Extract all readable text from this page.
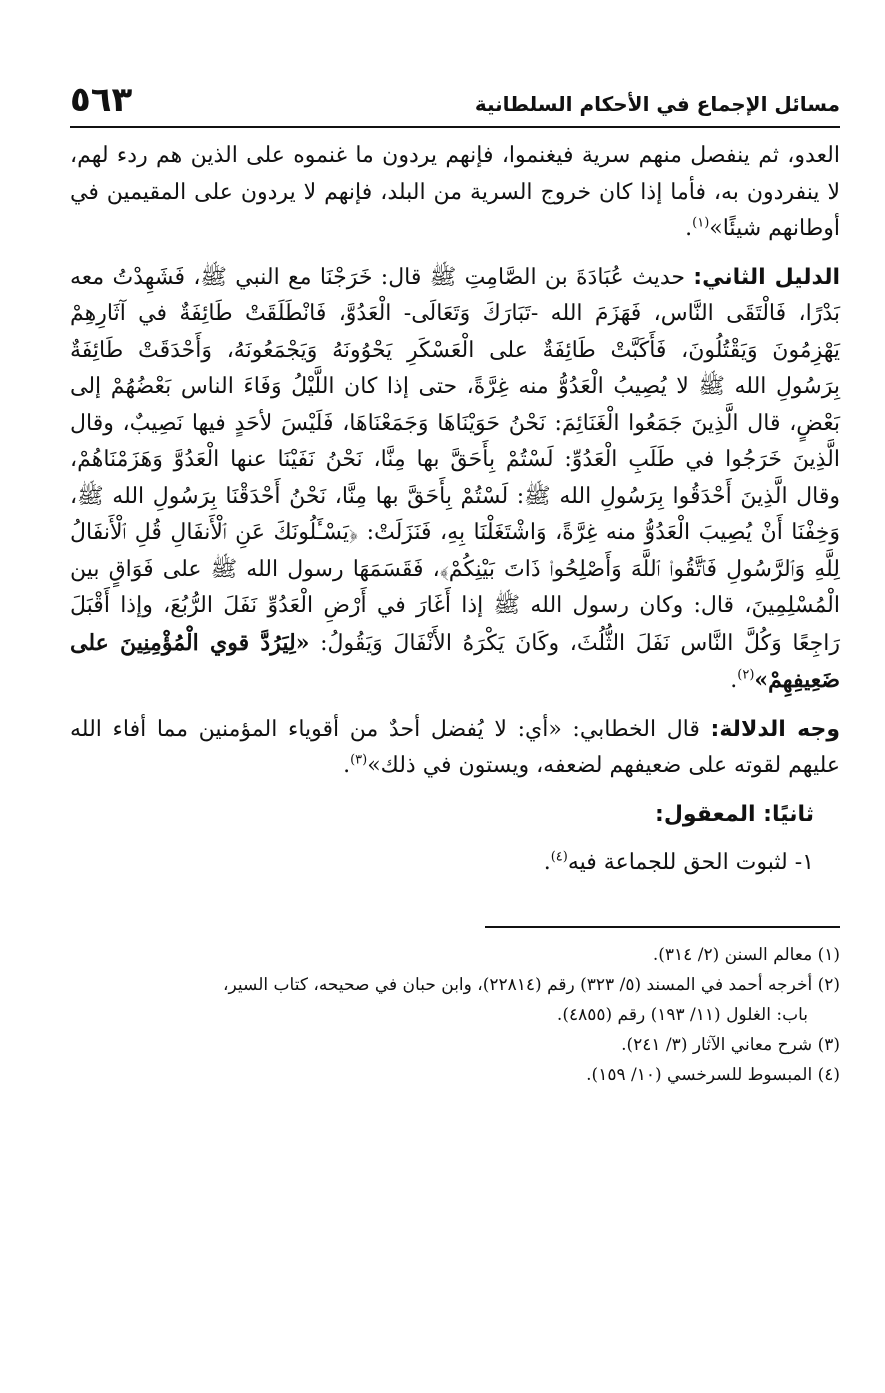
مسائل الإجماع في الأحكام السلطانية
٥٦٣

العدو، ثم ينفصل منهم سرية فيغنموا، فإنهم يردون ما غنموه على الذين هم ردء لهم، لا ينفردون به، فأما إذا كان خروج السرية من البلد، فإنهم لا يردون على المقيمين في أوطانهم شيئًا»$^{(١)}$.

الدليل الثاني: حديث عُبَادَةَ بن الصَّامِتِ ﷺ قال: خَرَجْنَا مع النبي ﷺ، فَشَهِدْتُ معه بَدْرًا، فَالْتَقَى النَّاس، فَهَزَمَ الله -تَبَارَكَ وَتَعَالَى- الْعَدُوَّ، فَانْطَلَقَتْ طَائِفَةٌ في آثَارِهِمْ يَهْزِمُونَ وَيَقْتُلُونَ، فَأَكَبَّتْ طَائِفَةٌ على الْعَسْكَرِ يَحْوُونَهُ وَيَجْمَعُونَهُ، وَأَحْدَقَتْ طَائِفَةٌ بِرَسُولِ الله ﷺ لا يُصِيبُ الْعَدُوُّ منه غِرَّةً، حتى إذا كان اللَّيْلُ وَفَاءَ الناس بَعْضُهُمْ إلى بَعْضٍ، قال الَّذِينَ جَمَعُوا الْغَنَائِمَ: نَحْنُ حَوَيْنَاهَا وَجَمَعْنَاهَا، فَلَيْسَ لأحَدٍ فيها نَصِيبٌ، وقال الَّذِينَ خَرَجُوا في طَلَبِ الْعَدُوِّ: لَسْتُمْ بِأَحَقَّ بها مِنَّا، نَحْنُ نَفَيْنَا عنها الْعَدُوَّ وَهَزَمْنَاهُمْ، وقال الَّذِينَ أَحْدَقُوا بِرَسُولِ الله ﷺ: لَسْتُمْ بِأَحَقَّ بها مِنَّا، نَحْنُ أَحْدَقْنَا بِرَسُولِ الله ﷺ، وَخِفْنَا أَنْ يُصِيبَ الْعَدُوُّ منه غِرَّةً، وَاشْتَغَلْنَا بِهِ، فَنَزَلَتْ: ﴿يَسْـَٔلُونَكَ عَنِ ٱلْأَنفَالِ قُلِ ٱلْأَنفَالُ لِلَّهِ وَٱلرَّسُولِ فَٱتَّقُوا۟ ٱللَّهَ وَأَصْلِحُوا۟ ذَاتَ بَيْنِكُمْ﴾، فَقَسَمَهَا رسول الله ﷺ على فَوَاقٍ بين الْمُسْلِمِينَ، قال: وكان رسول الله ﷺ إذا أَغَارَ في أَرْضِ الْعَدُوِّ نَفَلَ الرُّبُعَ، وإذا أَقْبَلَ رَاجِعًا وَكُلَّ النَّاس نَفَلَ الثُّلُثَ، وكَانَ يَكْرَهُ الأَنْفَالَ وَيَقُولُ: «لِيَرُدَّ قوي الْمُؤْمِنِينَ على ضَعِيفِهِمْ»$^{(٢)}$.

وجه الدلالة: قال الخطابي: «أي: لا يُفضل أحدٌ من أقوياء المؤمنين مما أفاء الله عليهم لقوته على ضعيفهم لضعفه، ويستون في ذلك»$^{(٣)}$.

ثانيًا: المعقول:

١- لثبوت الحق للجماعة فيه$^{(٤)}$.

(١) معالم السنن (٢/ ٣١٤).

(٢) أخرجه أحمد في المسند (٥/ ٣٢٣) رقم (٢٢٨١٤)، وابن حبان في صحيحه، كتاب السير،
باب: الغلول (١١/ ١٩٣) رقم (٤٨٥٥).

(٣) شرح معاني الآثار (٣/ ٢٤١).

(٤) المبسوط للسرخسي (١٠/ ١٥٩).
